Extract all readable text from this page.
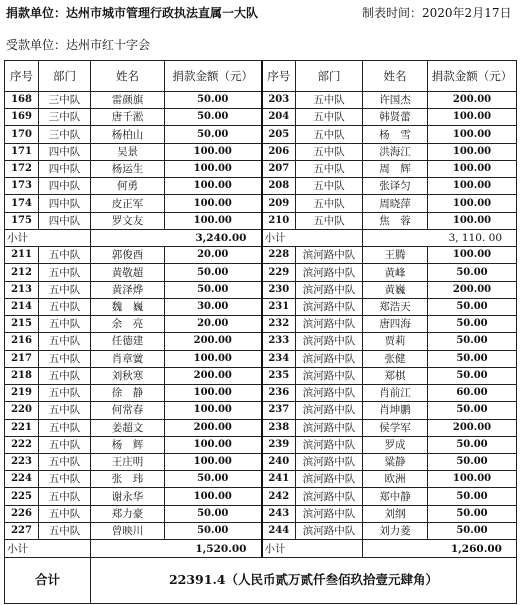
捐款单位：达州市城市管理行政执法直属一大队	制表时间：2020年2月17日
受款单位：达州市红十字会
序号	部门	姓名	捐款金额（元）	序号	部门	姓名	捐款金额（元）
168	三中队	雷颜旗	50.00	203	五中队	许国杰	200.00
169	三中队	唐千淞	50.00	204	五中队	韩贤蕾	100.00
170	三中队	杨柏山	50.00	205	五中队	杨　雪	100.00
171	四中队	吴景	100.00	206	五中队	洪海江	100.00
172	四中队	杨运生	100.00	207	五中队	周　辉	100.00
173	四中队	何勇	100.00	208	五中队	张译匀	100.00
174	四中队	皮正军	100.00	209	五中队	周晓萍	100.00
175	四中队	罗文友	100.00	210	五中队	焦　蓉	100.00
小计		3,240.00		小计		3, 110. 00	
211	五中队	郭俊酉	20.00	228	滨河路中队	王腾	100.00
212	五中队	黄敬超	50.00	229	滨河路中队	黄峰	50.00
213	五中队	黄泽烨	50.00	230	滨河路中队	黄巍	200.00
214	五中队	魏　巍	30.00	231	滨河路中队	郑浩天	50.00
215	五中队	余　亮	20.00	232	滨河路中队	唐四海	50.00
216	五中队	任德建	200.00	233	滨河路中队	贾莉	50.00
217	五中队	肖章黉	100.00	234	滨河路中队	张健	50.00
218	五中队	刘秋寒	200.00	235	滨河路中队	郑棋	50.00
219	五中队	徐　静	100.00	236	滨河路中队	肖前江	60.00
220	五中队	何常春	100.00	237	滨河路中队	肖坤鹏	50.00
221	五中队	姜超文	200.00	238	滨河路中队	侯学军	200.00
222	五中队	杨　辉	100.00	239	滨河路中队	罗成	50.00
223	五中队	王庄明	100.00	240	滨河路中队	粱静	50.00
224	五中队	张　玮	50.00	241	滨河路中队	欧洲	100.00
225	五中队	谢永华	100.00	242	滨河路中队	郑中静	50.00
226	五中队	郑力豪	50.00	243	滨河路中队	刘纲	50.00
227	五中队	曾映川	50.00	244	滨河路中队	刘力菱	50.00
小计		1,520.00		小计		1,260.00	
合计		22391.4（人民币贰万贰仟叁佰玖拾壹元肆角）					
